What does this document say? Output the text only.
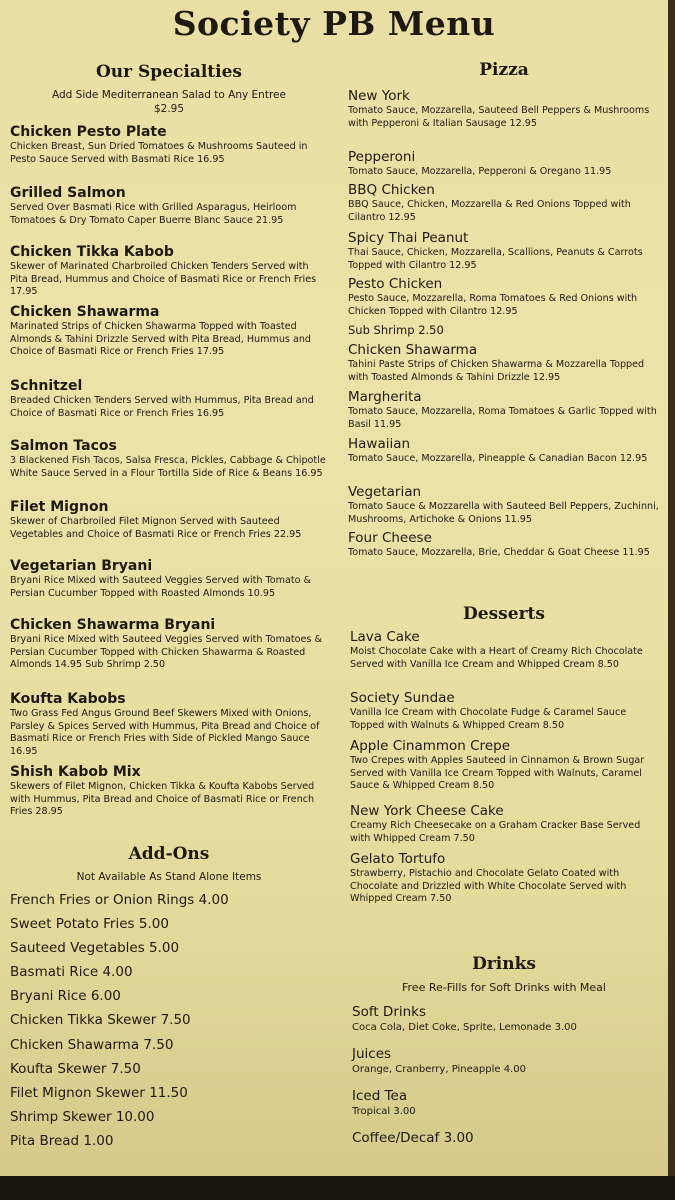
Society PB Menu
Our Specialties
Add Side Mediterranean Salad to Any Entree $2.95
Chicken Pesto Plate
Chicken Breast, Sun Dried Tomatoes & Mushrooms Sauteed in Pesto Sauce Served with Basmati Rice 16.95
Grilled Salmon
Served Over Basmati Rice with Grilled Asparagus, Heirloom Tomatoes & Dry Tomato Caper Buerre Blanc Sauce 21.95
Chicken Tikka Kabob
Skewer of Marinated Charbroiled Chicken Tenders Served with Pita Bread, Hummus and Choice of Basmati Rice or French Fries 17.95
Chicken Shawarma
Marinated Strips of Chicken Shawarma Topped with Toasted Almonds & Tahini Drizzle Served with Pita Bread, Hummus and Choice of Basmati Rice or French Fries 17.95
Schnitzel
Breaded Chicken Tenders Served with Hummus, Pita Bread and Choice of Basmati Rice or French Fries 16.95
Salmon Tacos
3 Blackened Fish Tacos, Salsa Fresca, Pickles, Cabbage & Chipotle White Sauce Served in a Flour Tortilla Side of Rice & Beans 16.95
Filet Mignon
Skewer of Charbroiled Filet Mignon Served with Sauteed Vegetables and Choice of Basmati Rice or French Fries 22.95
Vegetarian Bryani
Bryani Rice Mixed with Sauteed Veggies Served with Tomato & Persian Cucumber Topped with Roasted Almonds 10.95
Chicken Shawarma Bryani
Bryani Rice Mixed with Sauteed Veggies Served with Tomatoes & Persian Cucumber Topped with Chicken Shawarma & Roasted Almonds 14.95 Sub Shrimp 2.50
Koufta Kabobs
Two Grass Fed Angus Ground Beef Skewers Mixed with Onions, Parsley & Spices Served with Hummus, Pita Bread and Choice of Basmati Rice or French Fries with Side of Pickled Mango Sauce 16.95
Shish Kabob Mix
Skewers of Filet Mignon, Chicken Tikka & Koufta Kabobs Served with Hummus, Pita Bread and Choice of Basmati Rice or French Fries 28.95
Add-Ons
Not Available As Stand Alone Items
French Fries or Onion Rings 4.00
Sweet Potato Fries 5.00
Sauteed Vegetables 5.00
Basmati Rice 4.00
Bryani Rice 6.00
Chicken Tikka Skewer 7.50
Chicken Shawarma 7.50
Koufta Skewer 7.50
Filet Mignon Skewer 11.50
Shrimp Skewer 10.00
Pita Bread 1.00
Pizza
New York
Tomato Sauce, Mozzarella, Sauteed Bell Peppers & Mushrooms with Pepperoni & Italian Sausage 12.95
Pepperoni
Tomato Sauce, Mozzarella, Pepperoni & Oregano 11.95
BBQ Chicken
BBQ Sauce, Chicken, Mozzarella & Red Onions Topped with Cilantro 12.95
Spicy Thai Peanut
Thai Sauce, Chicken, Mozzarella, Scallions, Peanuts & Carrots Topped with Cilantro 12.95
Pesto Chicken
Pesto Sauce, Mozzarella, Roma Tomatoes & Red Onions with Chicken Topped with Cilantro 12.95
Sub Shrimp 2.50
Chicken Shawarma
Tahini Paste Strips of Chicken Shawarma & Mozzarella Topped with Toasted Almonds & Tahini Drizzle 12.95
Margherita
Tomato Sauce, Mozzarella, Roma Tomatoes & Garlic Topped with Basil 11.95
Hawaiian
Tomato Sauce, Mozzarella, Pineapple & Canadian Bacon 12.95
Vegetarian
Tomato Sauce & Mozzarella with Sauteed Bell Peppers, Zuchinni, Mushrooms, Artichoke & Onions 11.95
Four Cheese
Tomato Sauce, Mozzarella, Brie, Cheddar & Goat Cheese 11.95
Desserts
Lava Cake
Moist Chocolate Cake with a Heart of Creamy Rich Chocolate Served with Vanilla Ice Cream and Whipped Cream 8.50
Society Sundae
Vanilla Ice Cream with Chocolate Fudge & Caramel Sauce Topped with Walnuts & Whipped Cream 8.50
Apple Cinammon Crepe
Two Crepes with Apples Sauteed in Cinnamon & Brown Sugar Served with Vanilla Ice Cream Topped with Walnuts, Caramel Sauce & Whipped Cream 8.50
New York Cheese Cake
Creamy Rich Cheesecake on a Graham Cracker Base Served with Whipped Cream 7.50
Gelato Tortufo
Strawberry, Pistachio and Chocolate Gelato Coated with Chocolate and Drizzled with White Chocolate Served with Whipped Cream 7.50
Drinks
Free Re-Fills for Soft Drinks with Meal
Soft Drinks
Coca Cola, Diet Coke, Sprite, Lemonade 3.00
Juices
Orange, Cranberry, Pineapple 4.00
Iced Tea
Tropical 3.00
Coffee/Decaf 3.00
